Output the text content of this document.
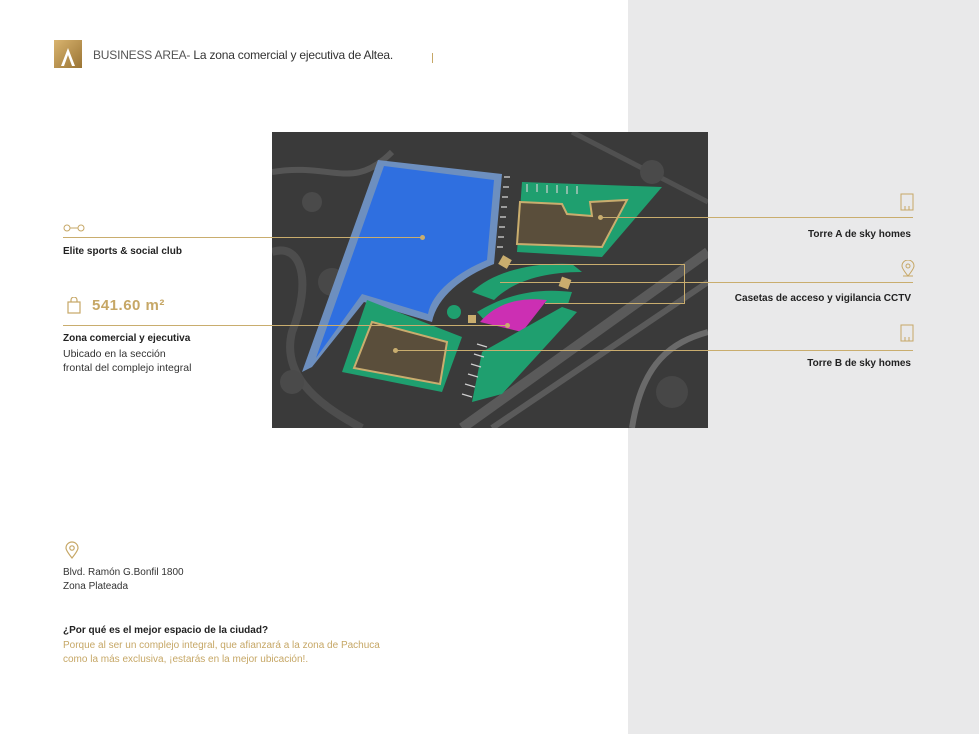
BUSINESS AREA- La zona comercial y ejecutiva de Altea.
Elite sports & social club
541.60 m²
Zona comercial y ejecutiva
Ubicado en la sección
frontal del complejo integral
Torre A de sky homes
Casetas de acceso y vigilancia CCTV
Torre B de sky homes
Blvd. Ramón G.Bonfil 1800
Zona Plateada
¿Por qué es el mejor espacio de la ciudad?
Porque al ser un complejo integral, que afianzará a la zona de Pachuca
como la más exclusiva, ¡estarás en la mejor ubicación!.
